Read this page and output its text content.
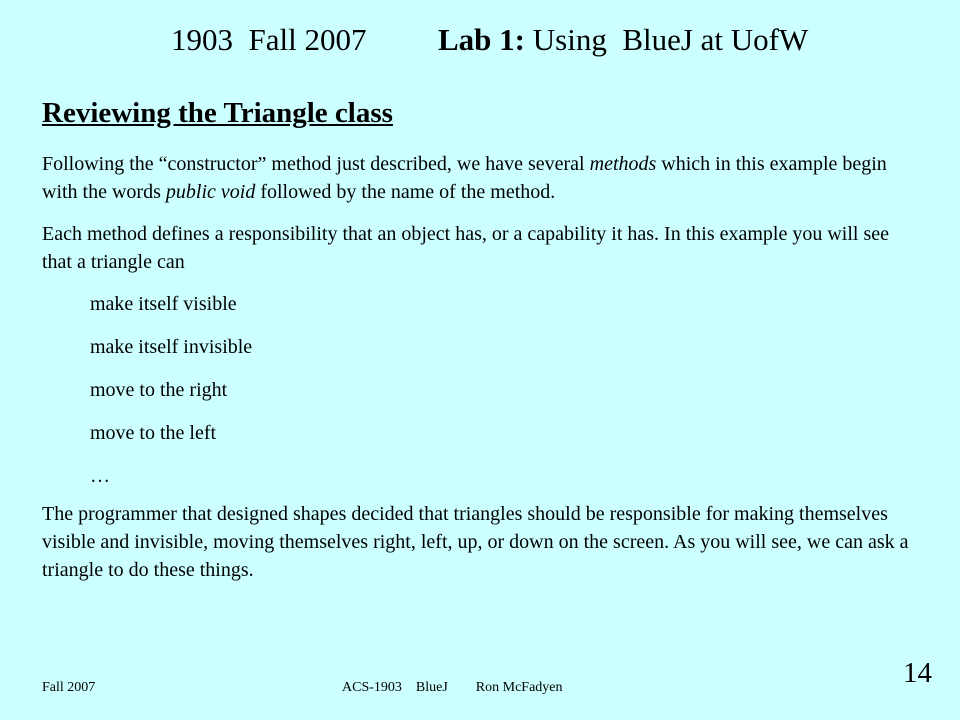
1903  Fall 2007 Lab 1: Using  BlueJ at UofW
Reviewing the Triangle class

Following the “constructor” method just described, we have several methods which in this example begin with the words public void followed by the name of the method.

Each method defines a responsibility that an object has, or a capability it has. In this example you will see that a triangle can

make itself visible

make itself invisible

move to the right

move to the left

…

The programmer that designed shapes decided that triangles should be responsible for making themselves visible and invisible, moving themselves right, left, up, or down on the screen. As you will see, we can ask a triangle to do these things.

Fall 2007	ACS-1903 BlueJ Ron McFadyen	14
